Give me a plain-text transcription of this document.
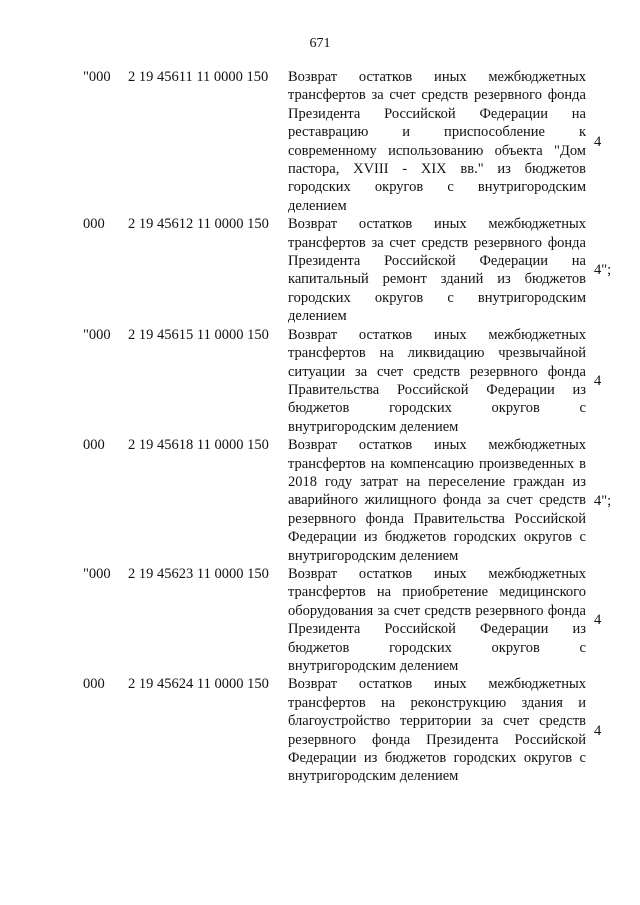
671
"000 2 19 45611 11 0000 150 Возврат остатков иных межбюджетных трансфертов за счет средств резервного фонда Президента Российской Федерации на реставрацию и приспособление к современному использованию объекта "Дом пастора, XVIII - XIX вв." из бюджетов городских округов с внутригородским делением
4
000 2 19 45612 11 0000 150 Возврат остатков иных межбюджетных трансфертов за счет средств резервного фонда Президента Российской Федерации на капитальный ремонт зданий из бюджетов городских округов с внутригородским делением
4";
"000 2 19 45615 11 0000 150 Возврат остатков иных межбюджетных трансфертов на ликвидацию чрезвычайной ситуации за счет средств резервного фонда Правительства Российской Федерации из бюджетов городских округов с внутригородским делением
4
000 2 19 45618 11 0000 150 Возврат остатков иных межбюджетных трансфертов на компенсацию произведенных в 2018 году затрат на переселение граждан из аварийного жилищного фонда за счет средств резервного фонда Правительства Российской Федерации из бюджетов городских округов с внутригородским делением
4";
"000 2 19 45623 11 0000 150 Возврат остатков иных межбюджетных трансфертов на приобретение медицинского оборудования за счет средств резервного фонда Президента Российской Федерации из бюджетов городских округов с внутригородским делением
4
000 2 19 45624 11 0000 150 Возврат остатков иных межбюджетных трансфертов на реконструкцию здания и благоустройство территории за счет средств резервного фонда Президента Российской Федерации из бюджетов городских округов с внутригородским делением
4
